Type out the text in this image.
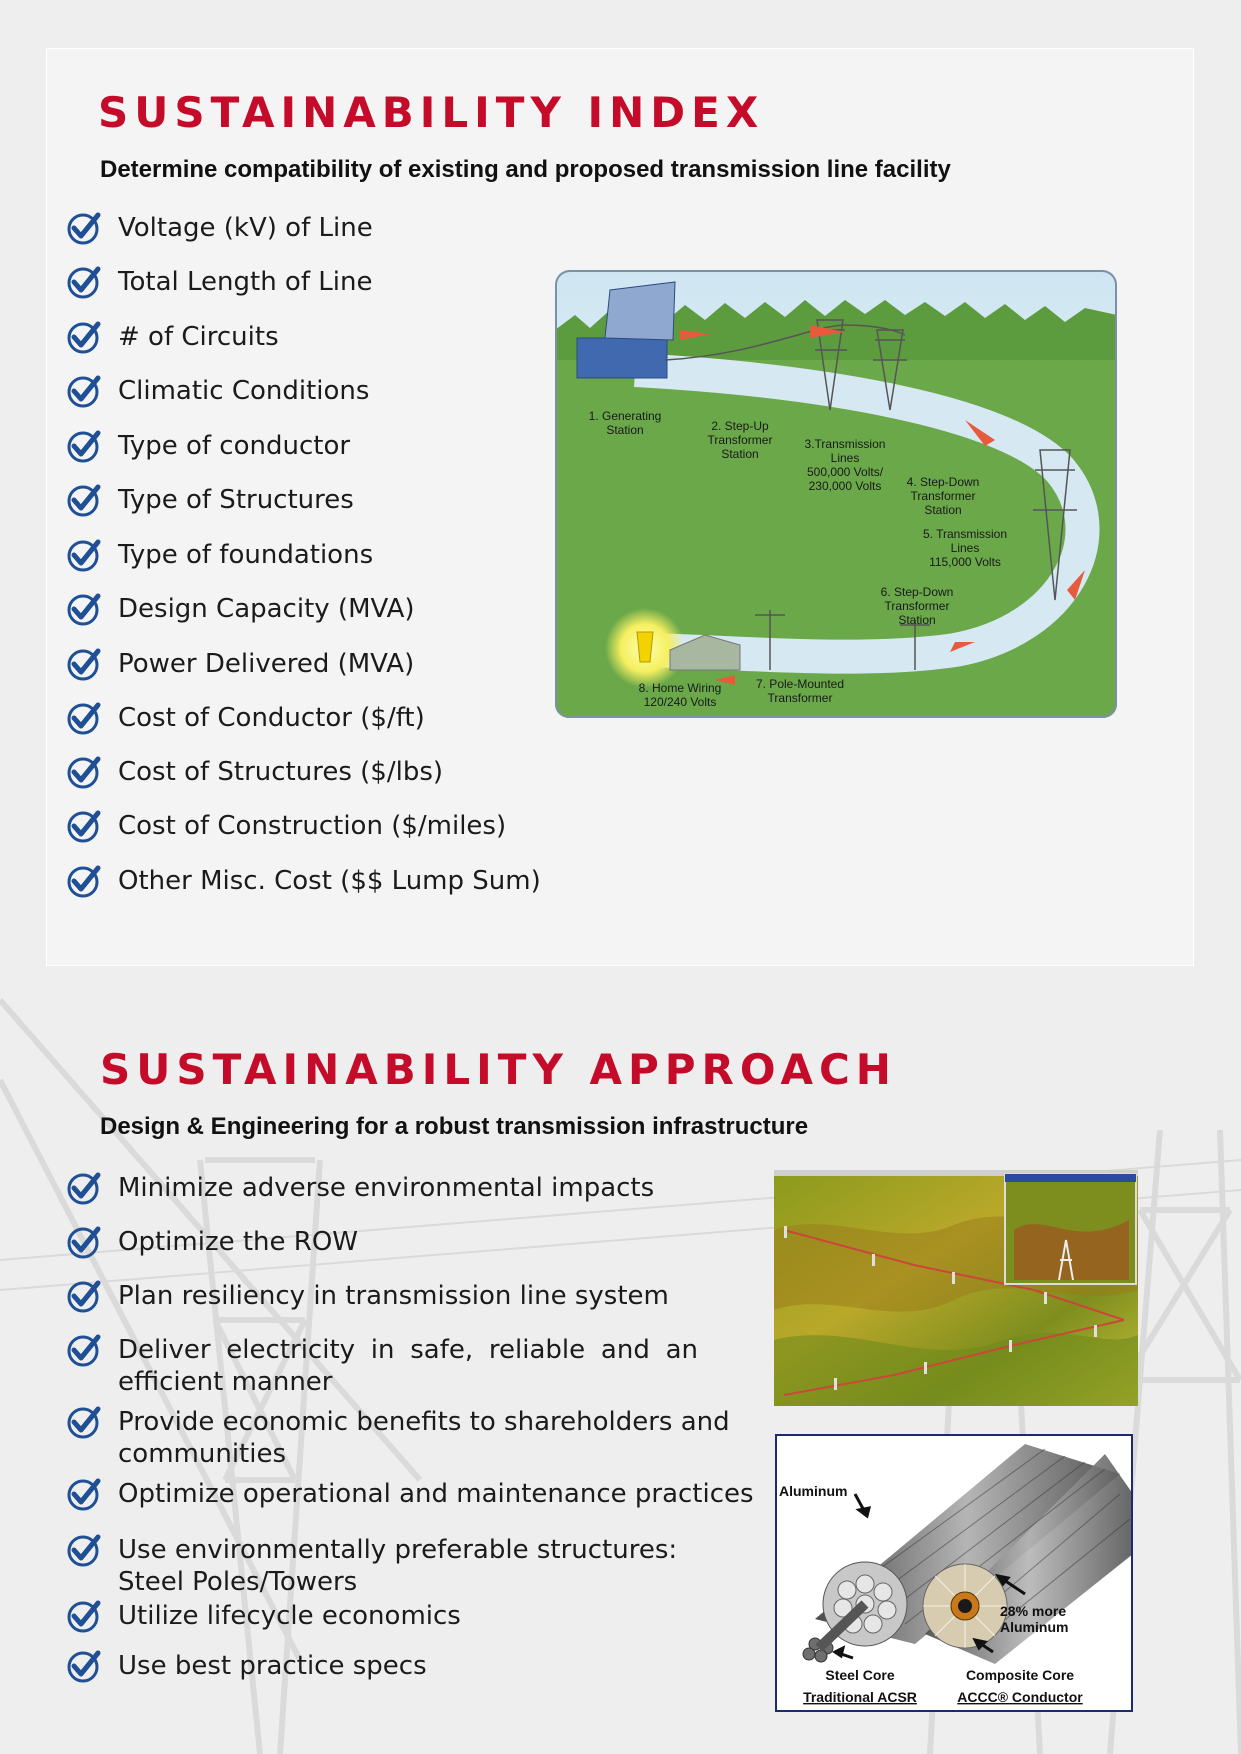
SUSTAINABILITY INDEX
Determine compatibility of existing and proposed transmission line facility
Voltage (kV) of Line
Total Length of Line
# of Circuits
Climatic Conditions
Type of conductor
Type of Structures
Type of foundations
Design Capacity (MVA)
Power Delivered (MVA)
Cost of Conductor ($/ft)
Cost of Structures ($/lbs)
Cost of Construction ($/miles)
Other Misc. Cost ($$ Lump Sum)
1. Generating Station	2. Step-Up Transformer Station
3.Transmission Lines 500,000 Volts/ 230,000 Volts	4. Step-Down Transformer Station
5. Transmission Lines 115,000 Volts
6. Step-Down Transformer Station
7. Pole-Mounted Transformer
8. Home Wiring 120/240 Volts
SUSTAINABILITY APPROACH
Design & Engineering for a robust transmission infrastructure
Minimize adverse environmental impacts
Optimize the ROW
Plan resiliency in transmission line system
Deliver electricity in safe, reliable and an efficient manner
Provide economic benefits to shareholders and communities
Optimize operational and maintenance practices
Use environmentally preferable structures: Steel Poles/Towers
Utilize lifecycle economics
Use best practice specs
Aluminum
28% more
Aluminum
Steel Core
Traditional ACSR
Composite Core
ACCC® Conductor
